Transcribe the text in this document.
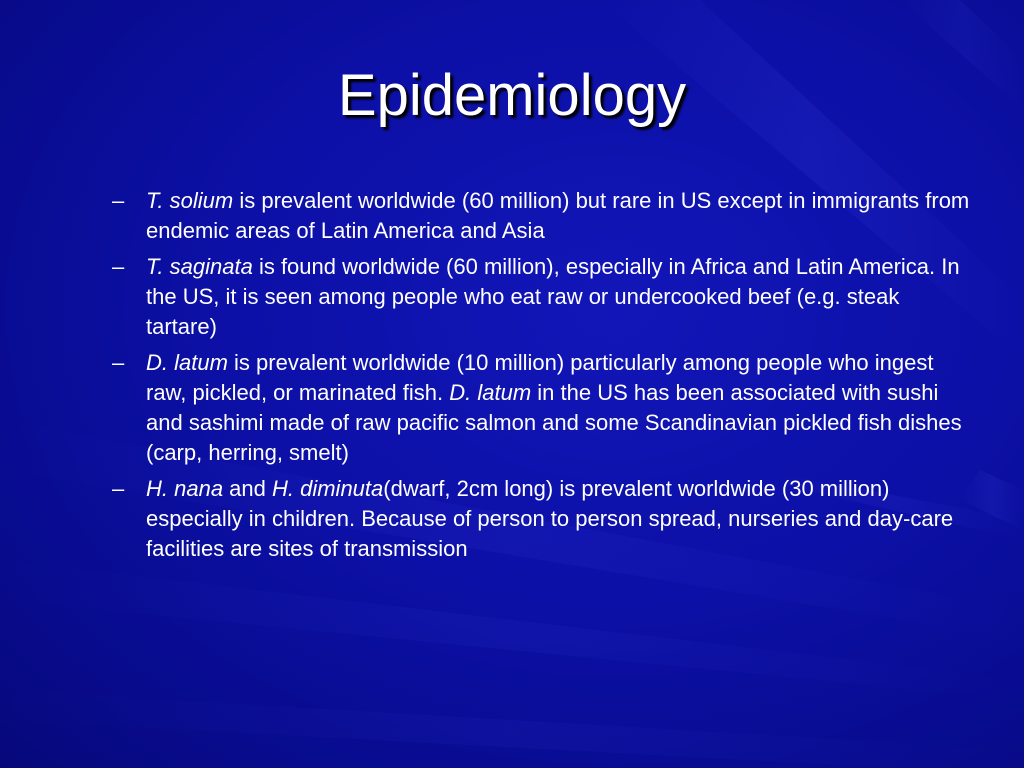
Epidemiology
– T. solium is prevalent worldwide (60 million) but rare in US except in immigrants from endemic areas of Latin America and Asia
– T. saginata is found worldwide (60 million), especially in Africa and Latin America. In the US, it is seen among people who eat raw or undercooked beef (e.g. steak tartare)
– D. latum is prevalent worldwide (10 million) particularly among people who ingest raw, pickled, or marinated fish. D. latum in the US has been associated with sushi and sashimi made of raw pacific salmon and some Scandinavian pickled fish dishes (carp, herring, smelt)
– H. nana and H. diminuta(dwarf, 2cm long) is prevalent worldwide (30 million) especially in children. Because of person to person spread, nurseries and day-care facilities are sites of transmission
